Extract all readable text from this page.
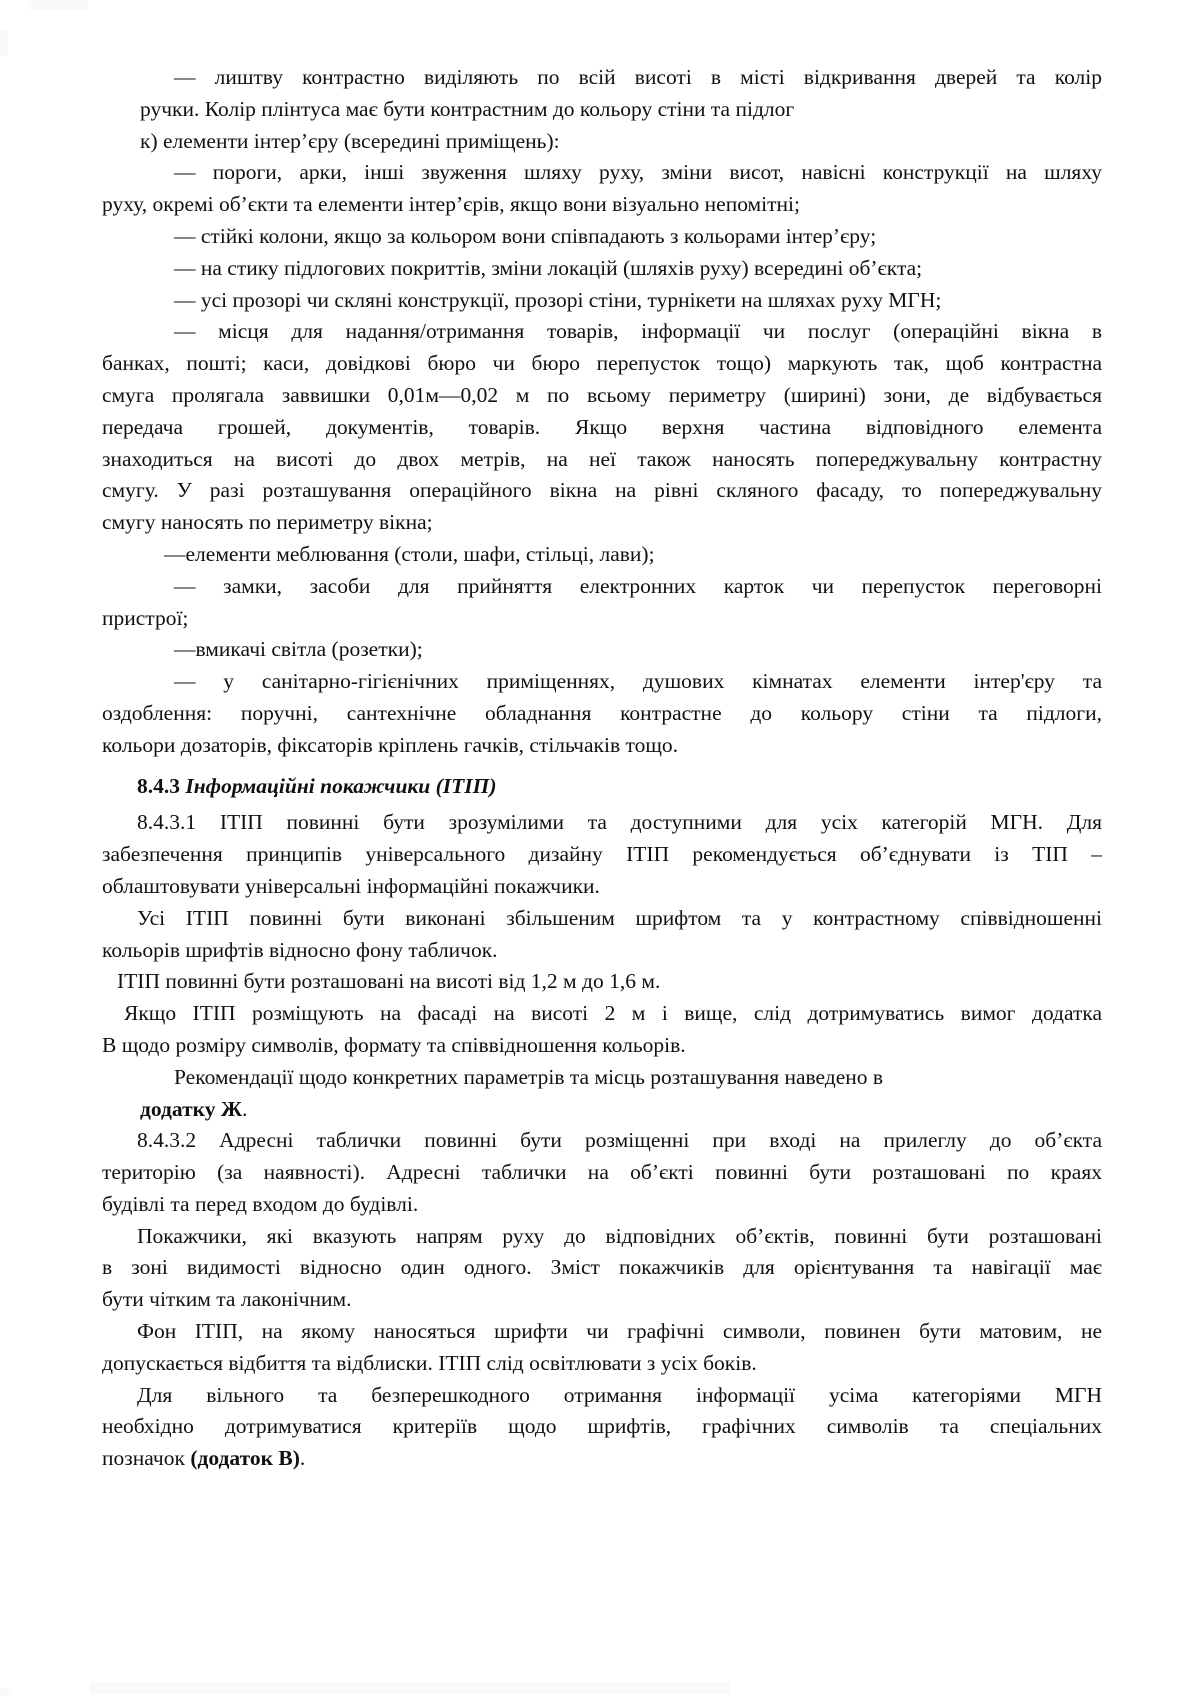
— лиштву контрастно виділяють по всій висоті в місті відкривання дверей та колір
ручки. Колір плінтуса має бути контрастним до кольору стіни та підлог
к) елементи інтер’єру (всередині приміщень):
— пороги, арки, інші звуження шляху руху, зміни висот, навісні конструкції на шляху
руху, окремі об’єкти та елементи інтер’єрів, якщо вони візуально непомітні;
— стійкі колони, якщо за кольором вони співпадають з кольорами інтер’єру;
— на стику підлогових покриттів, зміни локацій (шляхів руху) всередині об’єкта;
— усі прозорі чи скляні конструкції, прозорі стіни, турнікети на шляхах руху МГН;
— місця для надання/отримання товарів, інформації чи послуг (операційні вікна в
банках, пошті; каси, довідкові бюро чи бюро перепусток тощо) маркують так, щоб контрастна
смуга пролягала заввишки 0,01м—0,02 м по всьому периметру (ширині) зони, де відбувається
передача грошей, документів, товарів. Якщо верхня частина відповідного елемента
знаходиться на висоті до двох метрів, на неї також наносять попереджувальну контрастну
смугу. У разі розташування операційного вікна на рівні скляного фасаду, то попереджувальну
смугу наносять по периметру вікна;
—елементи меблювання (столи, шафи, стільці, лави);
— замки, засоби для прийняття електронних карток чи перепусток переговорні
пристрої;
—вмикачі світла (розетки);
— у санітарно-гігієнічних приміщеннях, душових кімнатах елементи інтер'єру та
оздоблення: поручні, сантехнічне обладнання контрастне до кольору стіни та підлоги,
кольори дозаторів, фіксаторів кріплень гачків, стільчаків тощо.
8.4.3 Інформаційні покажчики (ІТІП)
8.4.3.1 ІТІП повинні бути зрозумілими та доступними для усіх категорій МГН. Для
забезпечення принципів універсального дизайну ІТІП рекомендується об’єднувати із ТІП –
облаштовувати універсальні інформаційні покажчики.
Усі ІТІП повинні бути виконані збільшеним шрифтом та у контрастному співвідношенні
кольорів шрифтів відносно фону табличок.
ІТІП повинні бути розташовані на висоті від 1,2 м до 1,6 м.
Якщо ІТІП розміщують на фасаді на висоті 2 м і вище, слід дотримуватись вимог додатка
В щодо розміру символів, формату та співвідношення кольорів.
Рекомендації щодо конкретних параметрів та місць розташування наведено в
додатку Ж.
8.4.3.2 Адресні таблички повинні бути розміщенні при вході на прилеглу до об’єкта
територію (за наявності). Адресні таблички на об’єкті повинні бути розташовані по краях
будівлі та перед входом до будівлі.
Покажчики, які вказують напрям руху до відповідних об’єктів, повинні бути розташовані
в зоні видимості відносно один одного. Зміст покажчиків для орієнтування та навігації має
бути чітким та лаконічним.
Фон ІТІП, на якому наносяться шрифти чи графічні символи, повинен бути матовим, не
допускається відбиття та відблиски. ІТІП слід освітлювати з усіх боків.
Для вільного та безперешкодного отримання інформації усіма категоріями МГН
необхідно дотримуватися критеріїв щодо шрифтів, графічних символів та спеціальних
позначок (додаток В).
